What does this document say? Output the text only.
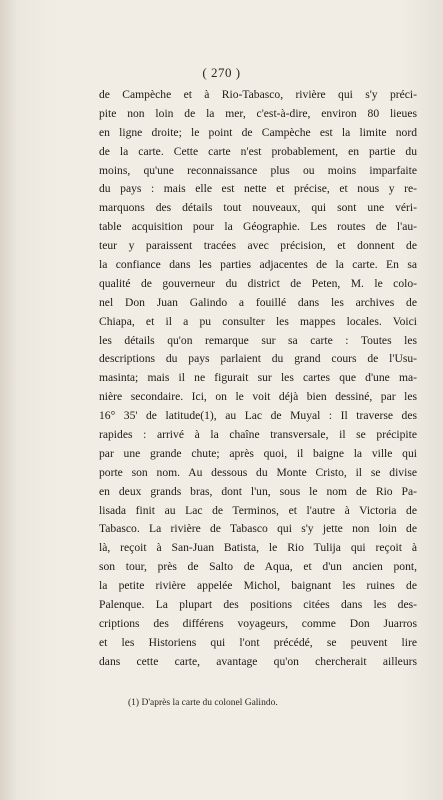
( 270 )
de Campèche et à Rio-Tabasco, rivière qui s'y préci-
pite non loin de la mer, c'est-à-dire, environ 80 lieues
en ligne droite; le point de Campèche est la limite nord
de la carte. Cette carte n'est probablement, en partie du
moins, qu'une reconnaissance plus ou moins imparfaite
du pays : mais elle est nette et précise, et nous y re-
marquons des détails tout nouveaux, qui sont une véri-
table acquisition pour la Géographie. Les routes de l'au-
teur y paraissent tracées avec précision, et donnent de
la confiance dans les parties adjacentes de la carte. En sa
qualité de gouverneur du district de Peten, M. le colo-
nel Don Juan Galindo a fouillé dans les archives de
Chiapa, et il a pu consulter les mappes locales. Voici
les détails qu'on remarque sur sa carte : Toutes les
descriptions du pays parlaient du grand cours de l'Usu-
masinta; mais il ne figurait sur les cartes que d'une ma-
nière secondaire. Ici, on le voit déjà bien dessiné, par les
16° 35' de latitude(1), au Lac de Muyal : Il traverse des
rapides : arrivé à la chaîne transversale, il se précipite
par une grande chute; après quoi, il baigne la ville qui
porte son nom. Au dessous du Monte Cristo, il se divise
en deux grands bras, dont l'un, sous le nom de Rio Pa-
lisada finit au Lac de Terminos, et l'autre à Victoria de
Tabasco. La rivière de Tabasco qui s'y jette non loin de
là, reçoit à San-Juan Batista, le Rio Tulija qui reçoit à
son tour, près de Salto de Aqua, et d'un ancien pont,
la petite rivière appelée Michol, baignant les ruines de
Palenque. La plupart des positions citées dans les des-
criptions des différens voyageurs, comme Don Juarros
et les Historiens qui l'ont précédé, se peuvent lire
dans cette carte, avantage qu'on chercherait ailleurs
(1) D'après la carte du colonel Galindo.
